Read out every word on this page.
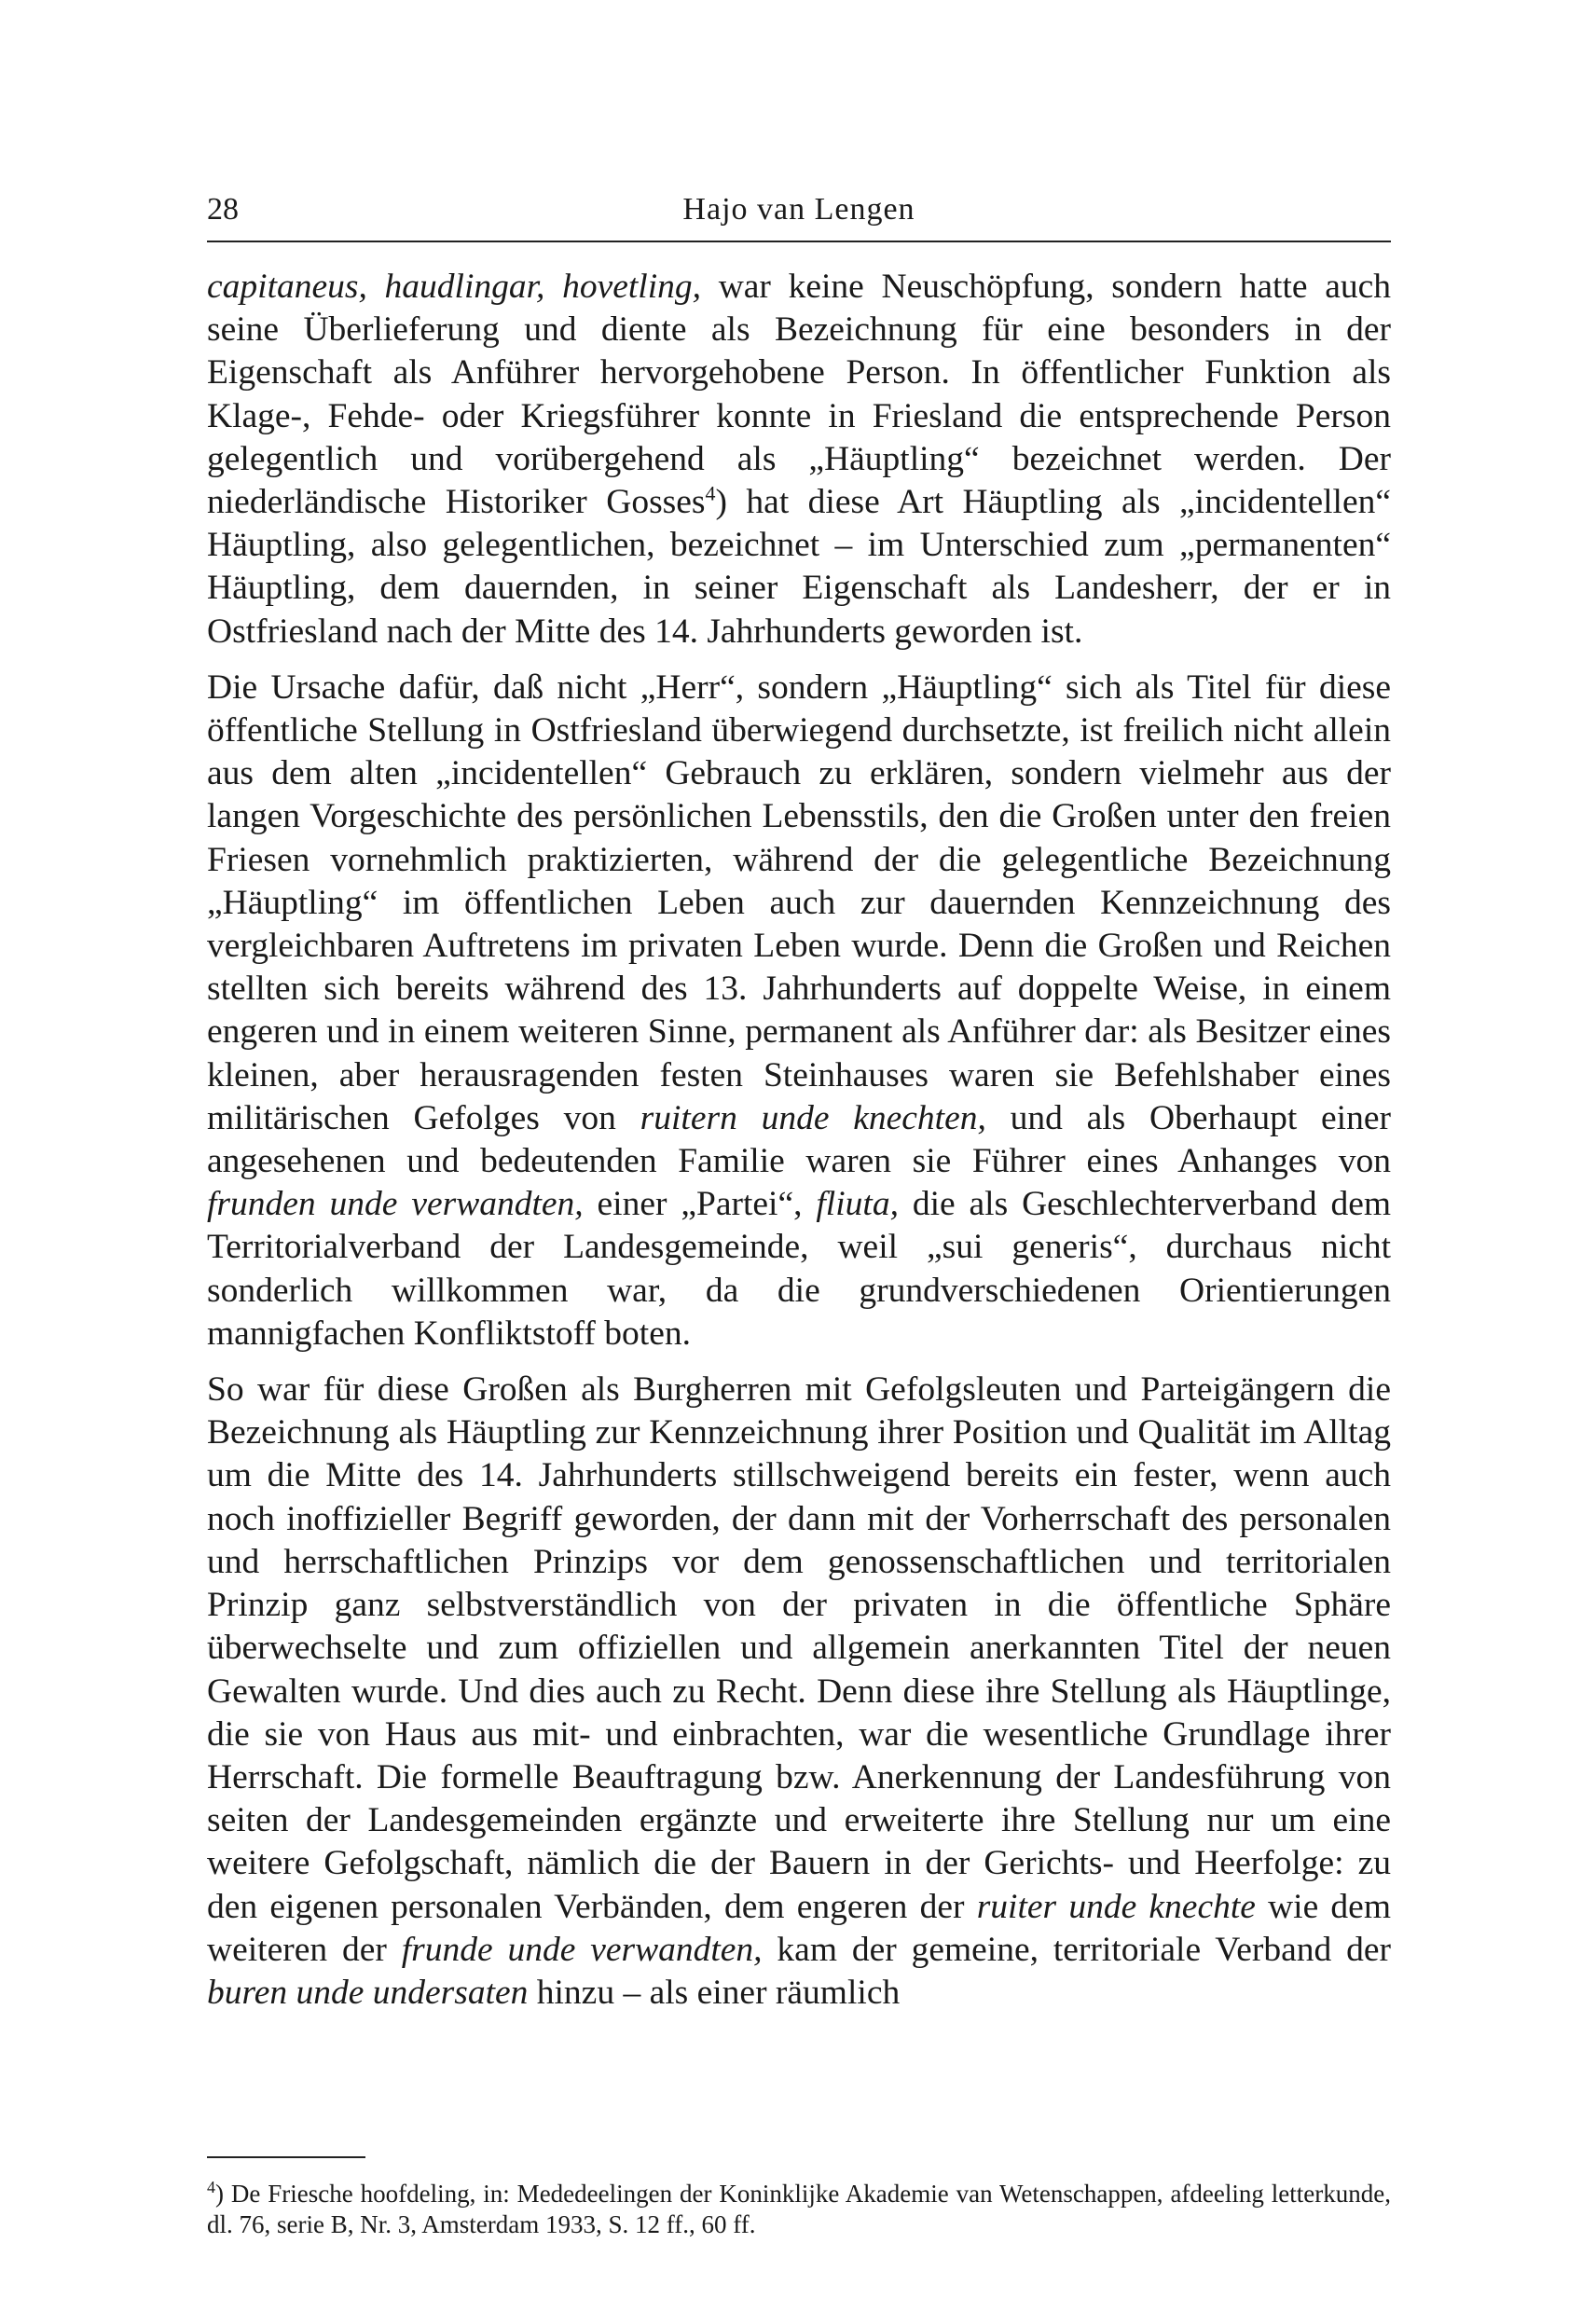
28	Hajo van Lengen

capitaneus, haudlingar, hovetling, war keine Neuschöpfung, sondern hatte auch seine Überlieferung und diente als Bezeichnung für eine besonders in der Eigenschaft als Anführer hervorgehobene Person. In öffentlicher Funktion als Klage-, Fehde- oder Kriegsführer konnte in Friesland die entsprechende Person gelegentlich und vorübergehend als „Häuptling“ bezeichnet werden. Der niederländische Historiker Gosses$^4$) hat diese Art Häuptling als „incidentellen“ Häuptling, also gelegentlichen, bezeichnet – im Unterschied zum „permanenten“ Häuptling, dem dauernden, in seiner Eigenschaft als Landesherr, der er in Ostfriesland nach der Mitte des 14. Jahrhunderts geworden ist.

Die Ursache dafür, daß nicht „Herr“, sondern „Häuptling“ sich als Titel für diese öffentliche Stellung in Ostfriesland überwiegend durchsetzte, ist freilich nicht allein aus dem alten „incidentellen“ Gebrauch zu erklären, sondern vielmehr aus der langen Vorgeschichte des persönlichen Lebensstils, den die Großen unter den freien Friesen vornehmlich praktizierten, während der die gelegentliche Bezeichnung „Häuptling“ im öffentlichen Leben auch zur dauernden Kennzeichnung des vergleichbaren Auftretens im privaten Leben wurde. Denn die Großen und Reichen stellten sich bereits während des 13. Jahrhunderts auf doppelte Weise, in einem engeren und in einem weiteren Sinne, permanent als Anführer dar: als Besitzer eines kleinen, aber herausragenden festen Steinhauses waren sie Befehlshaber eines militärischen Gefolges von ruitern unde knechten, und als Oberhaupt einer angesehenen und bedeutenden Familie waren sie Führer eines Anhanges von frunden unde verwandten, einer „Partei“, fliuta, die als Geschlechterverband dem Territorialverband der Landesgemeinde, weil „sui generis“, durchaus nicht sonderlich willkommen war, da die grundverschiedenen Orientierungen mannigfachen Konfliktstoff boten.

So war für diese Großen als Burgherren mit Gefolgsleuten und Parteigängern die Bezeichnung als Häuptling zur Kennzeichnung ihrer Position und Qualität im Alltag um die Mitte des 14. Jahrhunderts stillschweigend bereits ein fester, wenn auch noch inoffizieller Begriff geworden, der dann mit der Vorherrschaft des personalen und herrschaftlichen Prinzips vor dem genossenschaftlichen und territorialen Prinzip ganz selbstverständlich von der privaten in die öffentliche Sphäre überwechselte und zum offiziellen und allgemein anerkannten Titel der neuen Gewalten wurde. Und dies auch zu Recht. Denn diese ihre Stellung als Häuptlinge, die sie von Haus aus mit- und einbrachten, war die wesentliche Grundlage ihrer Herrschaft. Die formelle Beauftragung bzw. Anerkennung der Landesführung von seiten der Landesgemeinden ergänzte und erweiterte ihre Stellung nur um eine weitere Gefolgschaft, nämlich die der Bauern in der Gerichts- und Heerfolge: zu den eigenen personalen Verbänden, dem engeren der ruiter unde knechte wie dem weiteren der frunde unde verwandten, kam der gemeine, territoriale Verband der buren unde undersaten hinzu – als einer räumlich

$^4$) De Friesche hoofdeling, in: Mededeelingen der Koninklijke Akademie van Wetenschappen, afdeeling letterkunde, dl. 76, serie B, Nr. 3, Amsterdam 1933, S. 12 ff., 60 ff.
